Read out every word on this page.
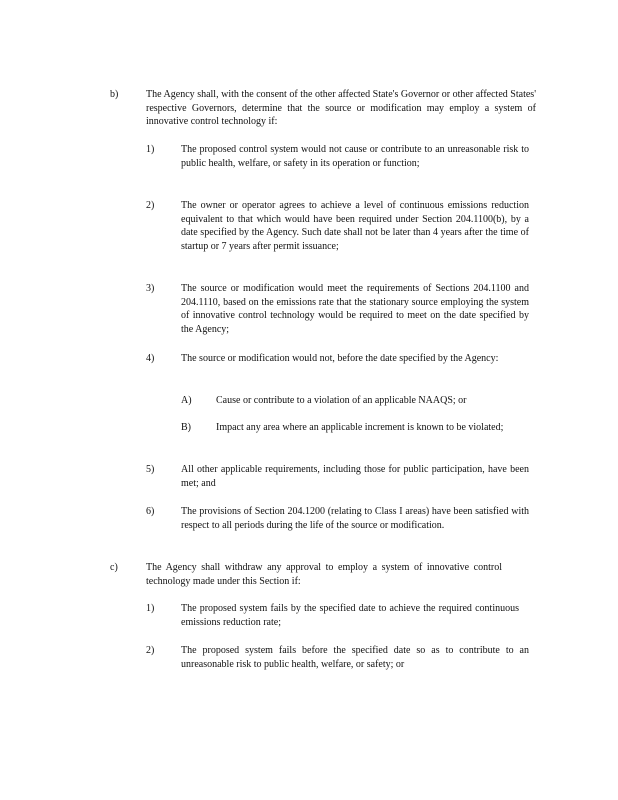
b)	The Agency shall, with the consent of the other affected State's Governor or other affected States' respective Governors, determine that the source or modification may employ a system of innovative control technology if:
1)	The proposed control system would not cause or contribute to an unreasonable risk to public health, welfare, or safety in its operation or function;
2)	The owner or operator agrees to achieve a level of continuous emissions reduction equivalent to that which would have been required under Section 204.1100(b), by a date specified by the Agency. Such date shall not be later than 4 years after the time of startup or 7 years after permit issuance;
3)	The source or modification would meet the requirements of Sections 204.1100 and 204.1110, based on the emissions rate that the stationary source employing the system of innovative control technology would be required to meet on the date specified by the Agency;
4)	The source or modification would not, before the date specified by the Agency:
A) Cause or contribute to a violation of an applicable NAAQS; or
B)	Impact any area where an applicable increment is known to be violated;
5)	All other applicable requirements, including those for public participation, have been met; and
6)	The provisions of Section 204.1200 (relating to Class I areas) have been satisfied with respect to all periods during the life of the source or modification.
c)	The Agency shall withdraw any approval to employ a system of innovative control technology made under this Section if:
1)	The proposed system fails by the specified date to achieve the required continuous emissions reduction rate;
2)	The proposed system fails before the specified date so as to contribute to an unreasonable risk to public health, welfare, or safety; or
